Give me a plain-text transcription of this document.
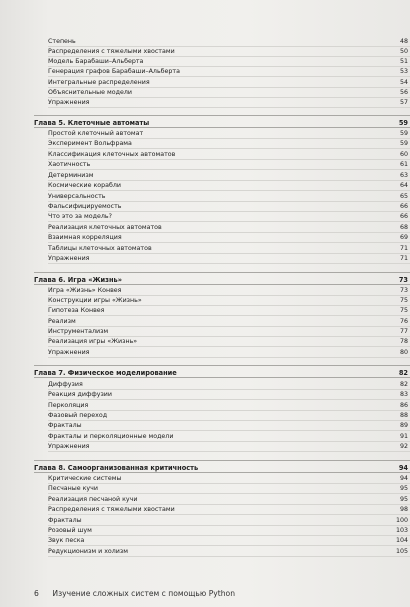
Степень	48
Распределения с тяжелыми хвостами	50
Модель Барабаши–Альберта	51
Генерация графов Барабаши–Альберта	53
Интегральные распределения	54
Объяснительные модели	56
Упражнения	57
Глава 5. Клеточные автоматы	59
Простой клеточный автомат	59
Эксперимент Вольфрама	59
Классификация клеточных автоматов	60
Хаотичность	61
Детерминизм	63
Космические корабли	64
Универсальность	65
Фальсифицируемость	66
Что это за модель?	66
Реализация клеточных автоматов	68
Взаимная корреляция	69
Таблицы клеточных автоматов	71
Упражнения	71
Глава 6. Игра «Жизнь»	73
Игра «Жизнь» Конвея	73
Конструкции игры «Жизнь»	75
Гипотеза Конвея	75
Реализм	76
Инструментализм	77
Реализация игры «Жизнь»	78
Упражнения	80
Глава 7. Физическое моделирование	82
Диффузия	82
Реакция диффузии	83
Перколяция	86
Фазовый переход	88
Фракталы	89
Фракталы и перколяционные модели	91
Упражнения	92
Глава 8. Самоорганизованная критичность	94
Критические системы	94
Песчаные кучи	95
Реализация песчаной кучи	95
Распределения с тяжелыми хвостами	98
Фракталы	100
Розовый шум	103
Звук песка	104
Редукционизм и холизм	105
6 Изучение сложных систем с помощью Python
